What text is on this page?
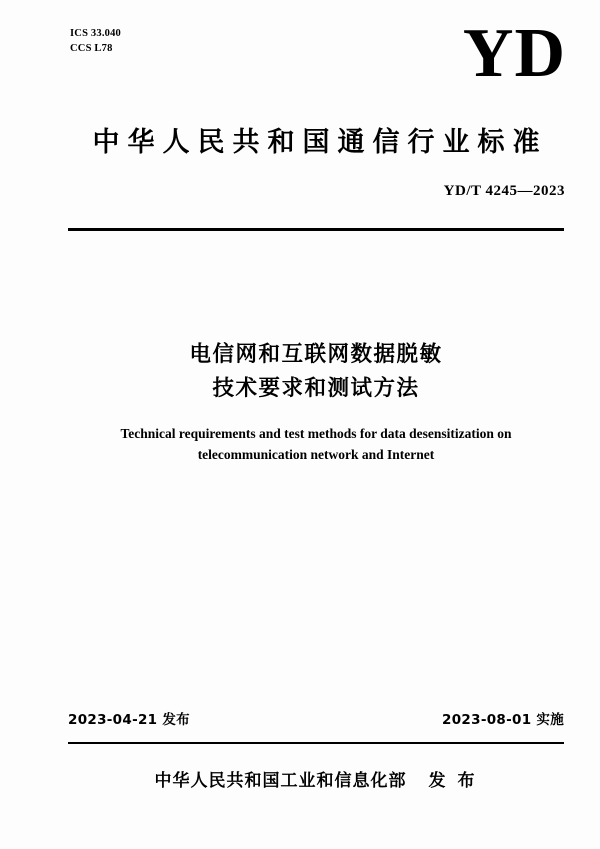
ICS 33.040
CCS L78	YD
中华人民共和国通信行业标准
YD/T 4245—2023
电信网和互联网数据脱敏
技术要求和测试方法
Technical requirements and test methods for data desensitization on
telecommunication network and Internet
2023-04-21 发布	2023-08-01 实施
中华人民共和国工业和信息化部 发 布
